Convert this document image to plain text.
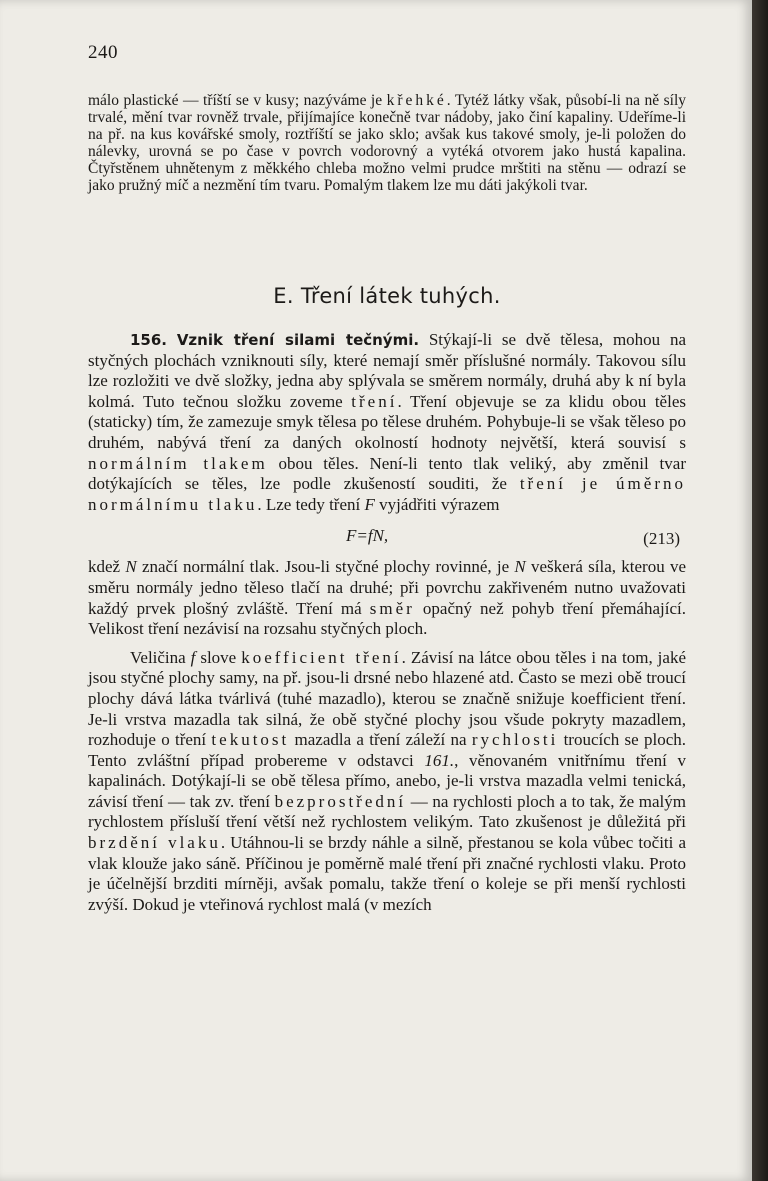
240
málo plastické — tříští se v kusy; nazýváme je křehké. Tytéž látky však, působí-li na ně síly trvalé, mění tvar rovněž trvale, přijímajíce konečně tvar nádoby, jako činí kapaliny. Udeříme-li na př. na kus kovářské smoly, roztříští se jako sklo; avšak kus takové smoly, je-li položen do nálevky, urovná se po čase v povrch vodorovný a vytéká otvorem jako hustá kapalina. Čtyřstěnem uhnětenym z měkkého chleba možno velmi prudce mrštiti na stěnu — odrazí se jako pružný míč a nezmění tím tvaru. Pomalým tlakem lze mu dáti jakýkoli tvar.
E. Tření látek tuhých.

156. Vznik tření silami tečnými. Stýkají-li se dvě tělesa, mohou na styčných plochách vzniknouti síly, které nemají směr příslušné normály. Takovou sílu lze rozložiti ve dvě složky, jedna aby splývala se směrem normály, druhá aby k ní byla kolmá. Tuto tečnou složku zoveme tření. Tření objevuje se za klidu obou těles (staticky) tím, že zamezuje smyk tělesa po tělese druhém. Pohybuje-li se však těleso po druhém, nabývá tření za daných okolností hodnoty největší, která souvisí s normálním tlakem obou těles. Není-li tento tlak veliký, aby změnil tvar dotýkajících se těles, lze podle zkušeností souditi, že tření je úměrno normálnímu tlaku. Lze tedy tření F vyjádřiti výrazem

F=fN,	(213)

kdež N značí normální tlak. Jsou-li styčné plochy rovinné, je N veškerá síla, kterou ve směru normály jedno těleso tlačí na druhé; při povrchu zakřiveném nutno uvažovati každý prvek plošný zvláště. Tření má směr opačný než pohyb tření přemáhající. Velikost tření nezávisí na rozsahu styčných ploch.

Veličina f slove koefficient tření. Závisí na látce obou těles i na tom, jaké jsou styčné plochy samy, na př. jsou-li drsné nebo hlazené atd. Často se mezi obě troucí plochy dává látka tvárlivá (tuhé mazadlo), kterou se značně snižuje koefficient tření. Je-li vrstva mazadla tak silná, že obě styčné plochy jsou všude pokryty mazadlem, rozhoduje o tření tekutost mazadla a tření záleží na rychlosti troucích se ploch. Tento zvláštní případ probereme v odstavci 161., věnovaném vnitřnímu tření v kapalinách. Dotýkají-li se obě tělesa přímo, anebo, je-li vrstva mazadla velmi tenická, závisí tření — tak zv. tření bezprostřední — na rychlosti ploch a to tak, že malým rychlostem přísluší tření větší než rychlostem velikým. Tato zkušenost je důležitá při brzdění vlaku. Utáhnou-li se brzdy náhle a silně, přestanou se kola vůbec točiti a vlak klouže jako sáně. Příčinou je poměrně malé tření při značné rychlosti vlaku. Proto je účelnější brzditi mírněji, avšak pomalu, takže tření o koleje se při menší rychlosti zvýší. Dokud je vteřinová rychlost malá (v mezích
